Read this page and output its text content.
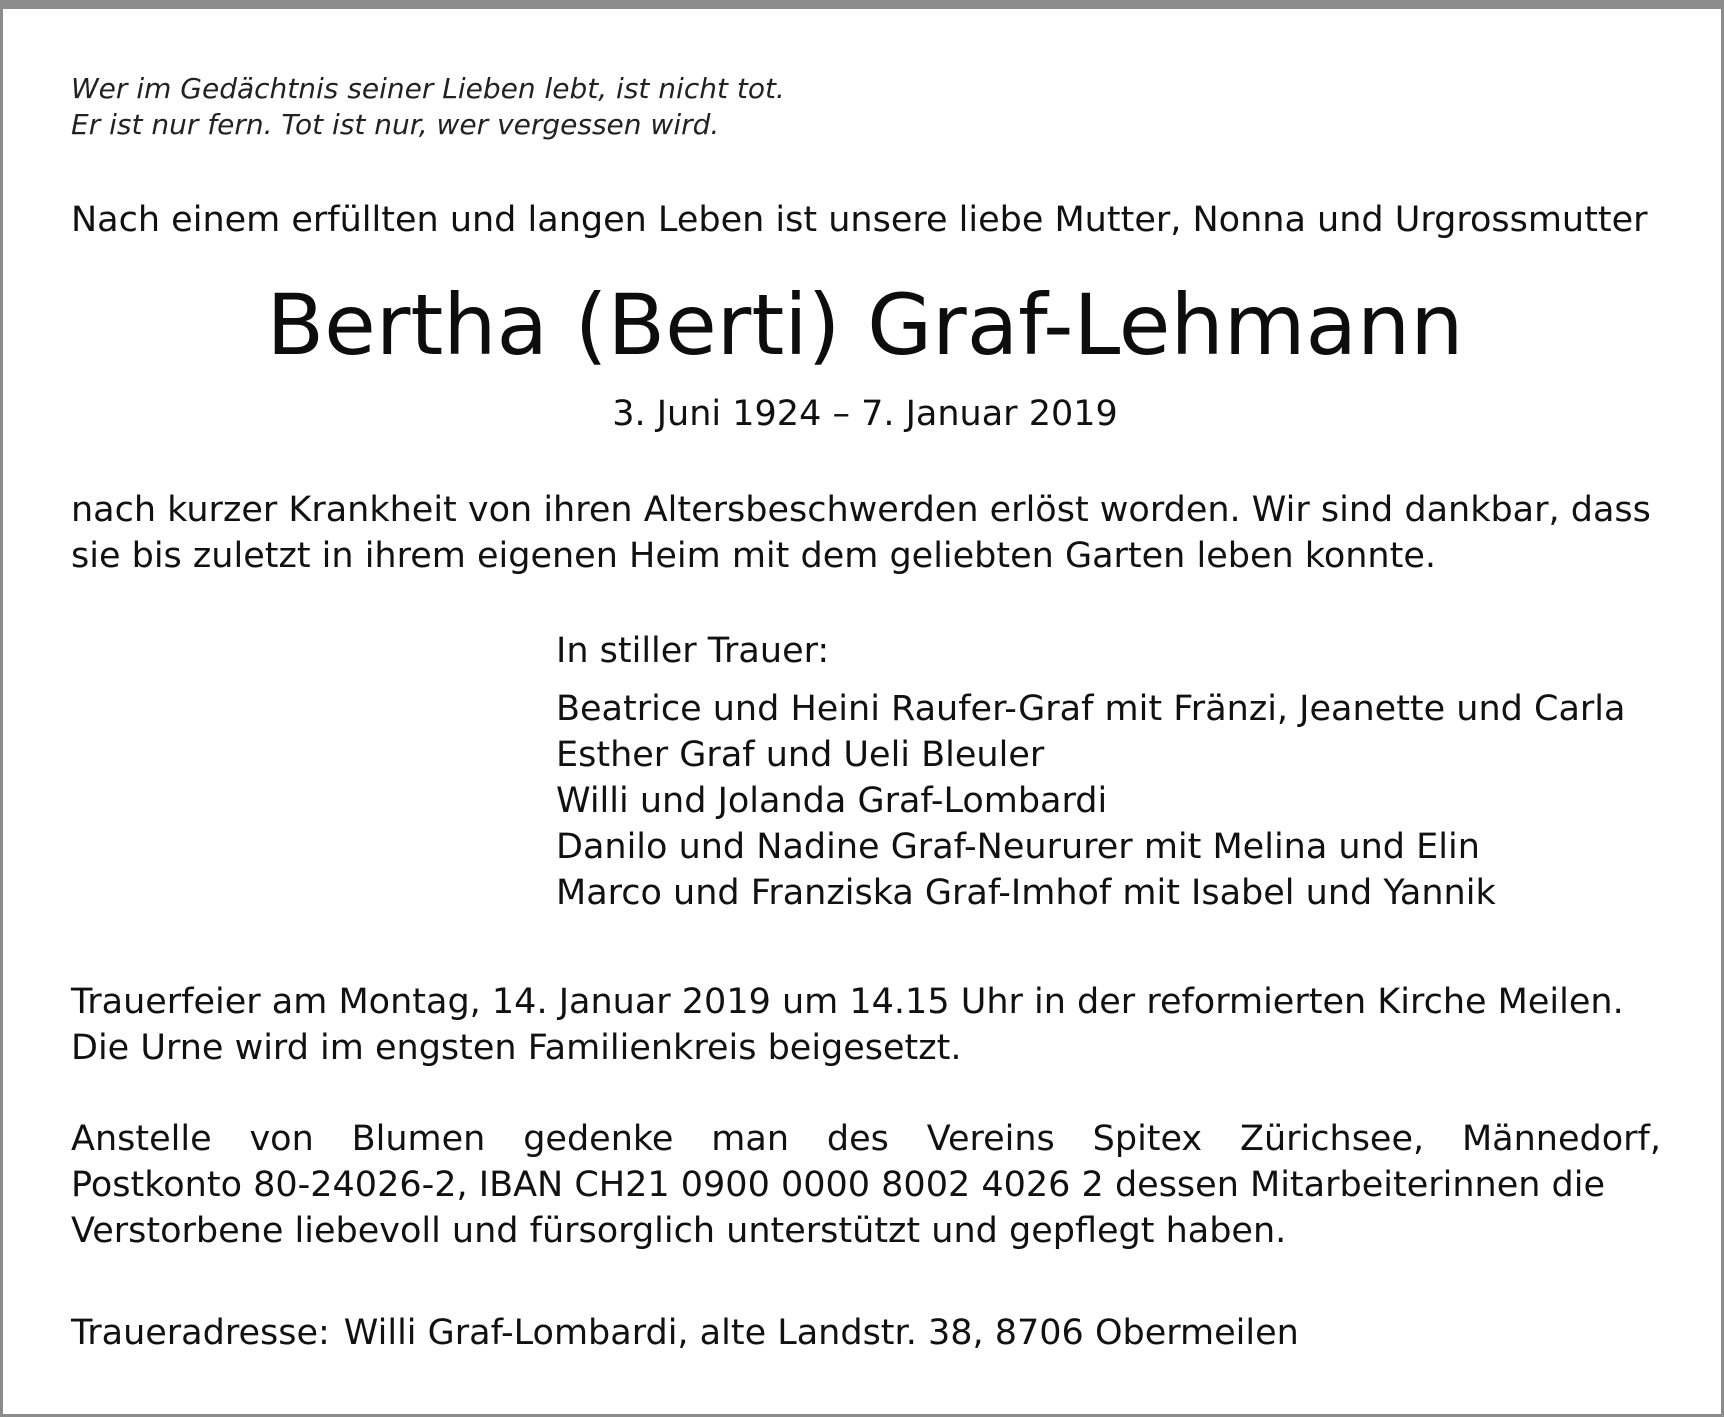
Wer im Gedächtnis seiner Lieben lebt, ist nicht tot.
Er ist nur fern. Tot ist nur, wer vergessen wird.

Nach einem erfüllten und langen Leben ist unsere liebe Mutter, Nonna und Urgrossmutter

Bertha (Berti) Graf-Lehmann

3. Juni 1924 – 7. Januar 2019

nach kurzer Krankheit von ihren Altersbeschwerden erlöst worden. Wir sind dankbar, dass
sie bis zuletzt in ihrem eigenen Heim mit dem geliebten Garten leben konnte.
In stiller Trauer:
Beatrice und Heini Raufer-Graf mit Fränzi, Jeanette und Carla
Esther Graf und Ueli Bleuler
Willi und Jolanda Graf-Lombardi
Danilo und Nadine Graf-Neururer mit Melina und Elin
Marco und Franziska Graf-Imhof mit Isabel und Yannik
Trauerfeier am Montag, 14. Januar 2019 um 14.15 Uhr in der reformierten Kirche Meilen.
Die Urne wird im engsten Familienkreis beigesetzt.
Anstelle von Blumen gedenke man des Vereins Spitex Zürichsee, Männedorf,
Postkonto 80-24026-2, IBAN CH21 0900 0000 8002 4026 2 dessen Mitarbeiterinnen die
Verstorbene liebevoll und fürsorglich unterstützt und gepflegt haben.

Traueradresse: Willi Graf-Lombardi, alte Landstr. 38, 8706 Obermeilen
